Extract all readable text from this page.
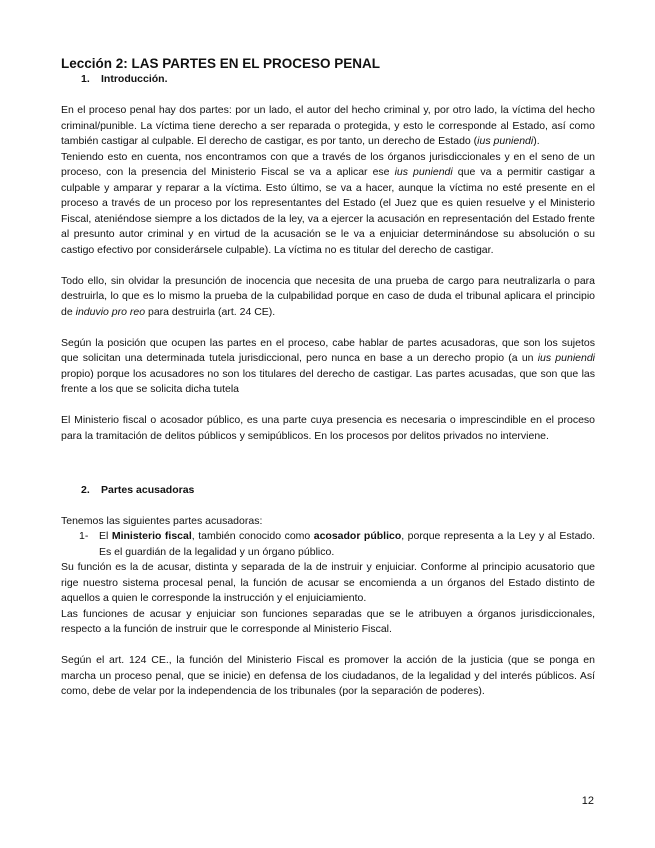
Lección 2: LAS PARTES EN EL PROCESO PENAL
1.	Introducción.

En el proceso penal hay dos partes: por un lado, el autor del hecho criminal y, por otro lado, la víctima del hecho criminal/punible. La víctima tiene derecho a ser reparada o protegida, y esto le corresponde al Estado, así como también castigar al culpable. El derecho de castigar, es por tanto, un derecho de Estado (ius puniendi).

Teniendo esto en cuenta, nos encontramos con que a través de los órganos jurisdiccionales y en el seno de un proceso, con la presencia del Ministerio Fiscal se va a aplicar ese ius puniendi que va a permitir castigar a culpable y amparar y reparar a la víctima. Esto último, se va a hacer, aunque la víctima no esté presente en el proceso a través de un proceso por los representantes del Estado (el Juez que es quien resuelve y el Ministerio Fiscal, ateniéndose siempre a los dictados de la ley, va a ejercer la acusación en representación del Estado frente al presunto autor criminal y en virtud de la acusación se le va a enjuiciar determinándose su absolución o su castigo efectivo por considerársele culpable). La víctima no es titular del derecho de castigar.

Todo ello, sin olvidar la presunción de inocencia que necesita de una prueba de cargo para neutralizarla o para destruirla, lo que es lo mismo la prueba de la culpabilidad porque en caso de duda el tribunal aplicara el principio de induvio pro reo para destruirla (art. 24 CE).

Según la posición que ocupen las partes en el proceso, cabe hablar de partes acusadoras, que son los sujetos que solicitan una determinada tutela jurisdiccional, pero nunca en base a un derecho propio (a un ius puniendi propio) porque los acusadores no son los titulares del derecho de castigar. Las partes acusadas, que son que las frente a los que se solicita dicha tutela

El Ministerio fiscal o acosador público, es una parte cuya presencia es necesaria o imprescindible en el proceso para la tramitación de delitos públicos y semipúblicos. En los procesos por delitos privados no interviene.

2.	Partes acusadoras

Tenemos las siguientes partes acusadoras:

1-	El Ministerio fiscal, también conocido como acosador público, porque representa a la Ley y al Estado. Es el guardián de la legalidad y un órgano público.

Su función es la de acusar, distinta y separada de la de instruir y enjuiciar. Conforme al principio acusatorio que rige nuestro sistema procesal penal, la función de acusar se encomienda a un órganos del Estado distinto de aquellos a quien le corresponde la instrucción y el enjuiciamiento.

Las funciones de acusar y enjuiciar son funciones separadas que se le atribuyen a órganos jurisdiccionales, respecto a la función de instruir que le corresponde al Ministerio Fiscal.

Según el art. 124 CE., la función del Ministerio Fiscal es promover la acción de la justicia (que se ponga en marcha un proceso penal, que se inicie) en defensa de los ciudadanos, de la legalidad y del interés públicos. Así como, debe de velar por la independencia de los tribunales (por la separación de poderes).

12
